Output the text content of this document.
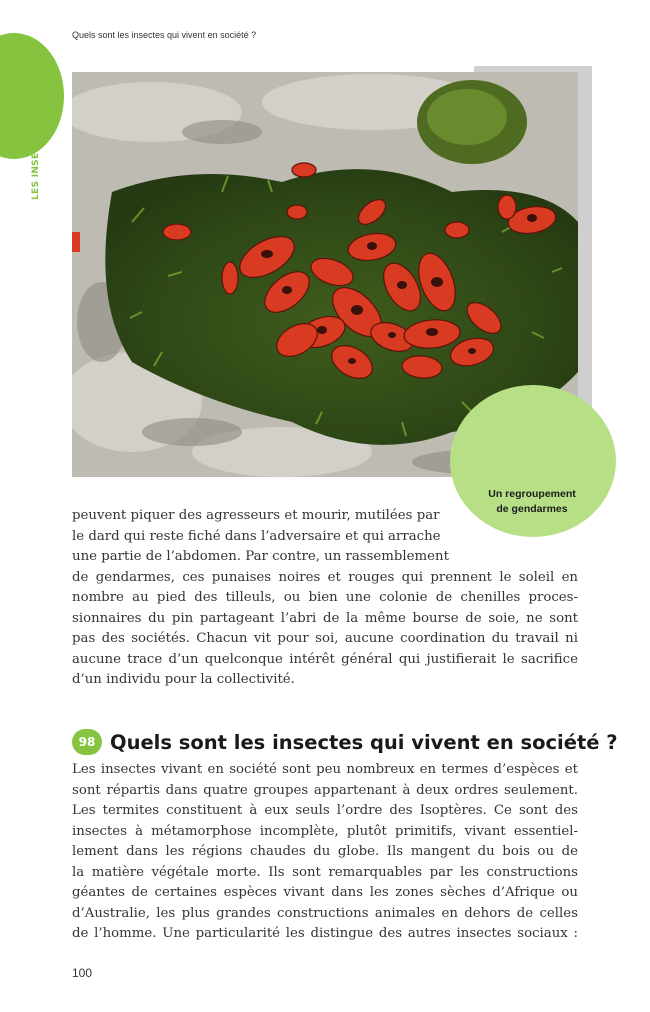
Quels sont les insectes qui vivent en société ?
LES INSECTES EN SOCIÉTÉ
Un regroupement
de gendarmes
peuvent piquer des agresseurs et mourir, mutilées par
le dard qui reste fiché dans l’adversaire et qui arrache
une partie de l’abdomen. Par contre, un rassemblement
de gendarmes, ces punaises noires et rouges qui prennent le soleil en
nombre au pied des tilleuls, ou bien une colonie de chenilles proces-
sionnaires du pin partageant l’abri de la même bourse de soie, ne sont
pas des sociétés. Chacun vit pour soi, aucune coordination du travail ni
aucune trace d’un quelconque intérêt général qui justifierait le sacrifice
d’un individu pour la collectivité.
98 Quels sont les insectes qui vivent en société ?
Les insectes vivant en société sont peu nombreux en termes d’espèces et
sont répartis dans quatre groupes appartenant à deux ordres seulement.
Les termites constituent à eux seuls l’ordre des Isoptères. Ce sont des
insectes à métamorphose incomplète, plutôt primitifs, vivant essentiel-
lement dans les régions chaudes du globe. Ils mangent du bois ou de
la matière végétale morte. Ils sont remarquables par les constructions
géantes de certaines espèces vivant dans les zones sèches d’Afrique ou
d’Australie, les plus grandes constructions animales en dehors de celles
de l’homme. Une particularité les distingue des autres insectes sociaux :
100
